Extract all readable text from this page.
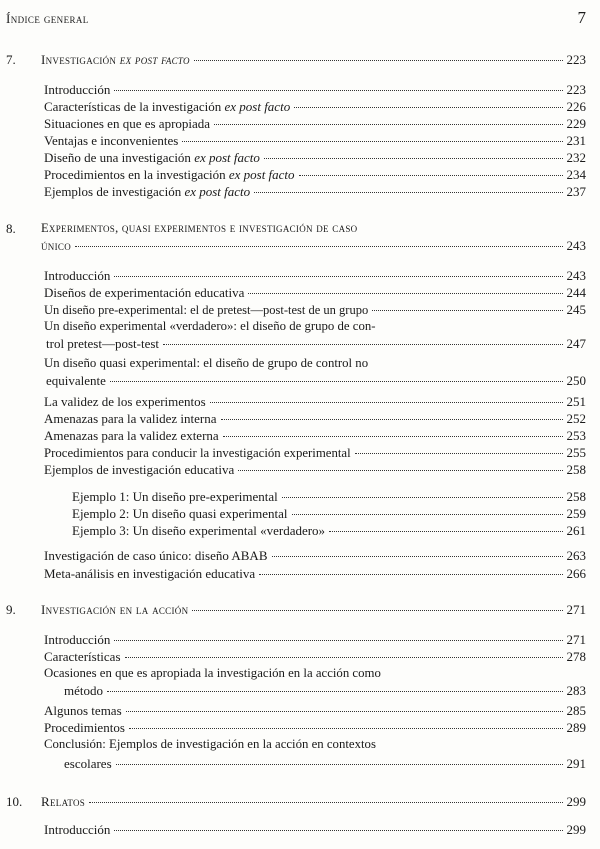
Índice general	7
7.	Investigación ex post facto	223
Introducción	223
Características de la investigación ex post facto	226
Situaciones en que es apropiada	229
Ventajas e inconvenientes	231
Diseño de una investigación ex post facto	232
Procedimientos en la investigación ex post facto	234
Ejemplos de investigación ex post facto	237
8.	Experimentos, quasi experimentos e investigación de caso
único	243
Introducción	243
Diseños de experimentación educativa	244
Un diseño pre-experimental: el de pretest—post-test de un grupo	245
Un diseño experimental «verdadero»: el diseño de grupo de con-
trol pretest—post-test	247
Un diseño quasi experimental: el diseño de grupo de control no
equivalente	250
La validez de los experimentos	251
Amenazas para la validez interna	252
Amenazas para la validez externa	253
Procedimientos para conducir la investigación experimental	255
Ejemplos de investigación educativa	258
Ejemplo 1: Un diseño pre-experimental	258
Ejemplo 2: Un diseño quasi experimental	259
Ejemplo 3: Un diseño experimental «verdadero»	261
Investigación de caso único: diseño ABAB	263
Meta-análisis en investigación educativa	266
9.	Investigación en la acción	271
Introducción	271
Características	278
Ocasiones en que es apropiada la investigación en la acción como
método	283
Algunos temas	285
Procedimientos	289
Conclusión: Ejemplos de investigación en la acción en contextos
escolares	291
10.	Relatos	299
Introducción	299
